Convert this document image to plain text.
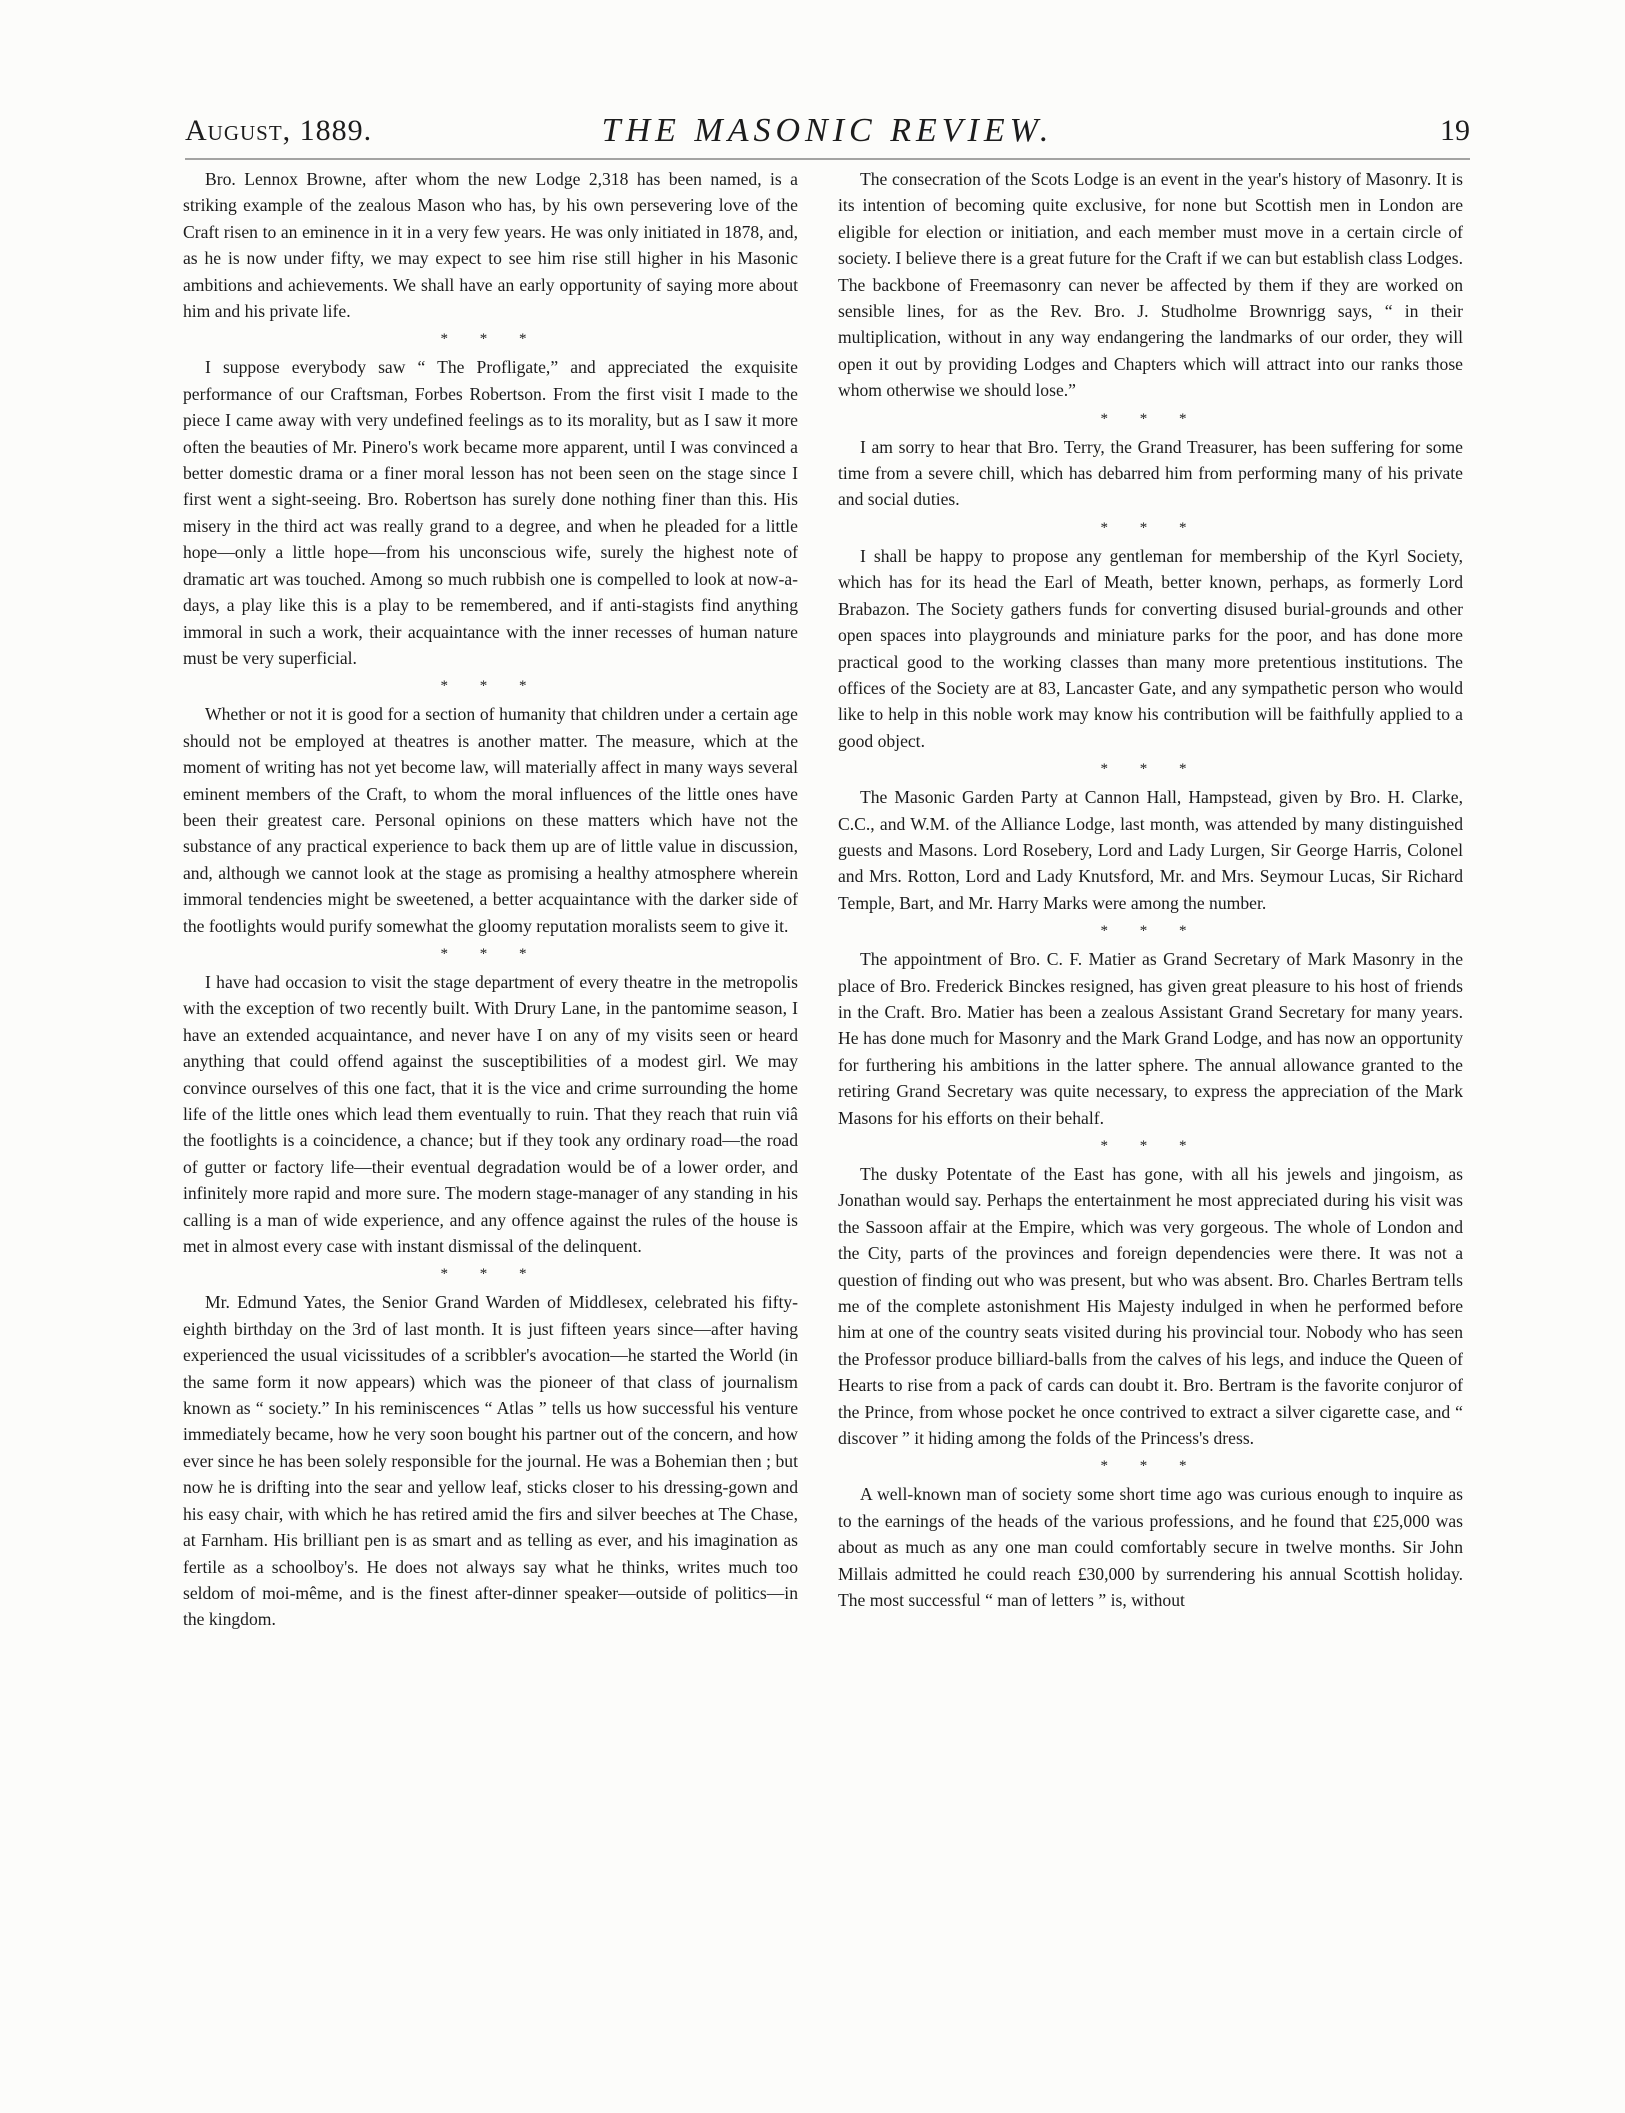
August, 1889.	THE MASONIC REVIEW.	19

Bro. Lennox Browne, after whom the new Lodge 2,318 has been named, is a striking example of the zealous Mason who has, by his own persevering love of the Craft risen to an eminence in it in a very few years. He was only initiated in 1878, and, as he is now under fifty, we may expect to see him rise still higher in his Masonic ambitions and achievements. We shall have an early opportunity of saying more about him and his private life.

* * *

I suppose everybody saw “ The Profligate,” and appreciated the exquisite performance of our Craftsman, Forbes Robertson. From the first visit I made to the piece I came away with very undefined feelings as to its morality, but as I saw it more often the beauties of Mr. Pinero's work became more apparent, until I was convinced a better domestic drama or a finer moral lesson has not been seen on the stage since I first went a sight-seeing. Bro. Robertson has surely done nothing finer than this. His misery in the third act was really grand to a degree, and when he pleaded for a little hope—only a little hope—from his unconscious wife, surely the highest note of dramatic art was touched. Among so much rubbish one is compelled to look at now-a-days, a play like this is a play to be remembered, and if anti-stagists find anything immoral in such a work, their acquaintance with the inner recesses of human nature must be very superficial.

* * *

Whether or not it is good for a section of humanity that children under a certain age should not be employed at theatres is another matter. The measure, which at the moment of writing has not yet become law, will materially affect in many ways several eminent members of the Craft, to whom the moral influences of the little ones have been their greatest care. Personal opinions on these matters which have not the substance of any practical experience to back them up are of little value in discussion, and, although we cannot look at the stage as promising a healthy atmosphere wherein immoral tendencies might be sweetened, a better acquaintance with the darker side of the footlights would purify somewhat the gloomy reputation moralists seem to give it.

* * *

I have had occasion to visit the stage department of every theatre in the metropolis with the exception of two recently built. With Drury Lane, in the pantomime season, I have an extended acquaintance, and never have I on any of my visits seen or heard anything that could offend against the susceptibilities of a modest girl. We may convince ourselves of this one fact, that it is the vice and crime surrounding the home life of the little ones which lead them eventually to ruin. That they reach that ruin viâ the footlights is a coincidence, a chance; but if they took any ordinary road—the road of gutter or factory life—their eventual degradation would be of a lower order, and infinitely more rapid and more sure. The modern stage-manager of any standing in his calling is a man of wide experience, and any offence against the rules of the house is met in almost every case with instant dismissal of the delinquent.

* * *

Mr. Edmund Yates, the Senior Grand Warden of Middlesex, celebrated his fifty-eighth birthday on the 3rd of last month. It is just fifteen years since—after having experienced the usual vicissitudes of a scribbler's avocation—he started the World (in the same form it now appears) which was the pioneer of that class of journalism known as “ society.” In his reminiscences “ Atlas ” tells us how successful his venture immediately became, how he very soon bought his partner out of the concern, and how ever since he has been solely responsible for the journal. He was a Bohemian then ; but now he is drifting into the sear and yellow leaf, sticks closer to his dressing-gown and his easy chair, with which he has retired amid the firs and silver beeches at The Chase, at Farnham. His brilliant pen is as smart and as telling as ever, and his imagination as fertile as a schoolboy's. He does not always say what he thinks, writes much too seldom of moi-même, and is the finest after-dinner speaker—outside of politics—in the kingdom.

The consecration of the Scots Lodge is an event in the year's history of Masonry. It is its intention of becoming quite exclusive, for none but Scottish men in London are eligible for election or initiation, and each member must move in a certain circle of society. I believe there is a great future for the Craft if we can but establish class Lodges. The backbone of Freemasonry can never be affected by them if they are worked on sensible lines, for as the Rev. Bro. J. Studholme Brownrigg says, “ in their multiplication, without in any way endangering the landmarks of our order, they will open it out by providing Lodges and Chapters which will attract into our ranks those whom otherwise we should lose.”

* * *

I am sorry to hear that Bro. Terry, the Grand Treasurer, has been suffering for some time from a severe chill, which has debarred him from performing many of his private and social duties.

* * *

I shall be happy to propose any gentleman for membership of the Kyrl Society, which has for its head the Earl of Meath, better known, perhaps, as formerly Lord Brabazon. The Society gathers funds for converting disused burial-grounds and other open spaces into playgrounds and miniature parks for the poor, and has done more practical good to the working classes than many more pretentious institutions. The offices of the Society are at 83, Lancaster Gate, and any sympathetic person who would like to help in this noble work may know his contribution will be faithfully applied to a good object.

* * *

The Masonic Garden Party at Cannon Hall, Hampstead, given by Bro. H. Clarke, C.C., and W.M. of the Alliance Lodge, last month, was attended by many distinguished guests and Masons. Lord Rosebery, Lord and Lady Lurgen, Sir George Harris, Colonel and Mrs. Rotton, Lord and Lady Knutsford, Mr. and Mrs. Seymour Lucas, Sir Richard Temple, Bart, and Mr. Harry Marks were among the number.

* * *

The appointment of Bro. C. F. Matier as Grand Secretary of Mark Masonry in the place of Bro. Frederick Binckes resigned, has given great pleasure to his host of friends in the Craft. Bro. Matier has been a zealous Assistant Grand Secretary for many years. He has done much for Masonry and the Mark Grand Lodge, and has now an opportunity for furthering his ambitions in the latter sphere. The annual allowance granted to the retiring Grand Secretary was quite necessary, to express the appreciation of the Mark Masons for his efforts on their behalf.

* * *

The dusky Potentate of the East has gone, with all his jewels and jingoism, as Jonathan would say. Perhaps the entertainment he most appreciated during his visit was the Sassoon affair at the Empire, which was very gorgeous. The whole of London and the City, parts of the provinces and foreign dependencies were there. It was not a question of finding out who was present, but who was absent. Bro. Charles Bertram tells me of the complete astonishment His Majesty indulged in when he performed before him at one of the country seats visited during his provincial tour. Nobody who has seen the Professor produce billiard-balls from the calves of his legs, and induce the Queen of Hearts to rise from a pack of cards can doubt it. Bro. Bertram is the favorite conjuror of the Prince, from whose pocket he once contrived to extract a silver cigarette case, and “ discover ” it hiding among the folds of the Princess's dress.

* * *

A well-known man of society some short time ago was curious enough to inquire as to the earnings of the heads of the various professions, and he found that £25,000 was about as much as any one man could comfortably secure in twelve months. Sir John Millais admitted he could reach £30,000 by surrendering his annual Scottish holiday. The most successful “ man of letters ” is, without
